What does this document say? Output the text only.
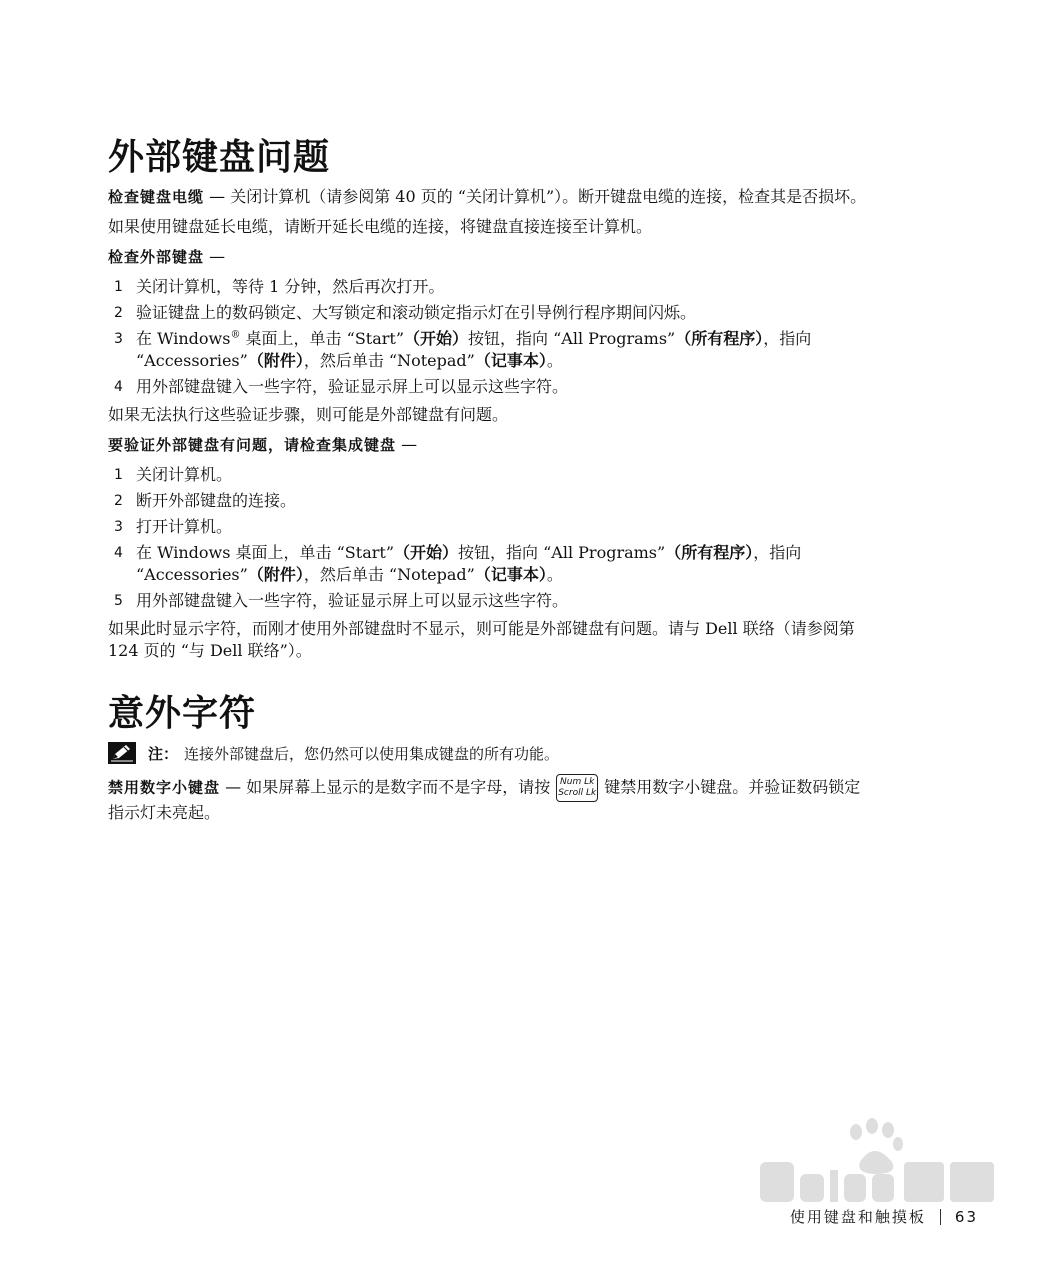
外部键盘问题

检查键盘电缆 — 关闭计算机（请参阅第 40 页的 “关闭计算机”）。断开键盘电缆的连接，检查其是否损坏。

如果使用键盘延长电缆，请断开延长电缆的连接，将键盘直接连接至计算机。

检查外部键盘 —

1 关闭计算机，等待 1 分钟，然后再次打开。
2 验证键盘上的数码锁定、大写锁定和滚动锁定指示灯在引导例行程序期间闪烁。
3 在 Windows® 桌面上，单击 “Start”（开始）按钮，指向 “All Programs”（所有程序），指向 “Accessories”（附件），然后单击 “Notepad”（记事本）。
4 用外部键盘键入一些字符，验证显示屏上可以显示这些字符。

如果无法执行这些验证步骤，则可能是外部键盘有问题。

要验证外部键盘有问题，请检查集成键盘 —

1 关闭计算机。
2 断开外部键盘的连接。
3 打开计算机。
4 在 Windows 桌面上，单击 “Start”（开始）按钮，指向 “All Programs”（所有程序），指向 “Accessories”（附件），然后单击 “Notepad”（记事本）。
5 用外部键盘键入一些字符，验证显示屏上可以显示这些字符。

如果此时显示字符，而刚才使用外部键盘时不显示，则可能是外部键盘有问题。请与 Dell 联络（请参阅第 124 页的 “与 Dell 联络”）。

意外字符
注： 连接外部键盘后，您仍然可以使用集成键盘的所有功能。

禁用数字小键盘 — 如果屏幕上显示的是数字而不是字母，请按	Num Lk
Scroll Lk 键禁用数字小键盘。并验证数码锁定指示灯未亮起。

使用键盘和触摸板 63
